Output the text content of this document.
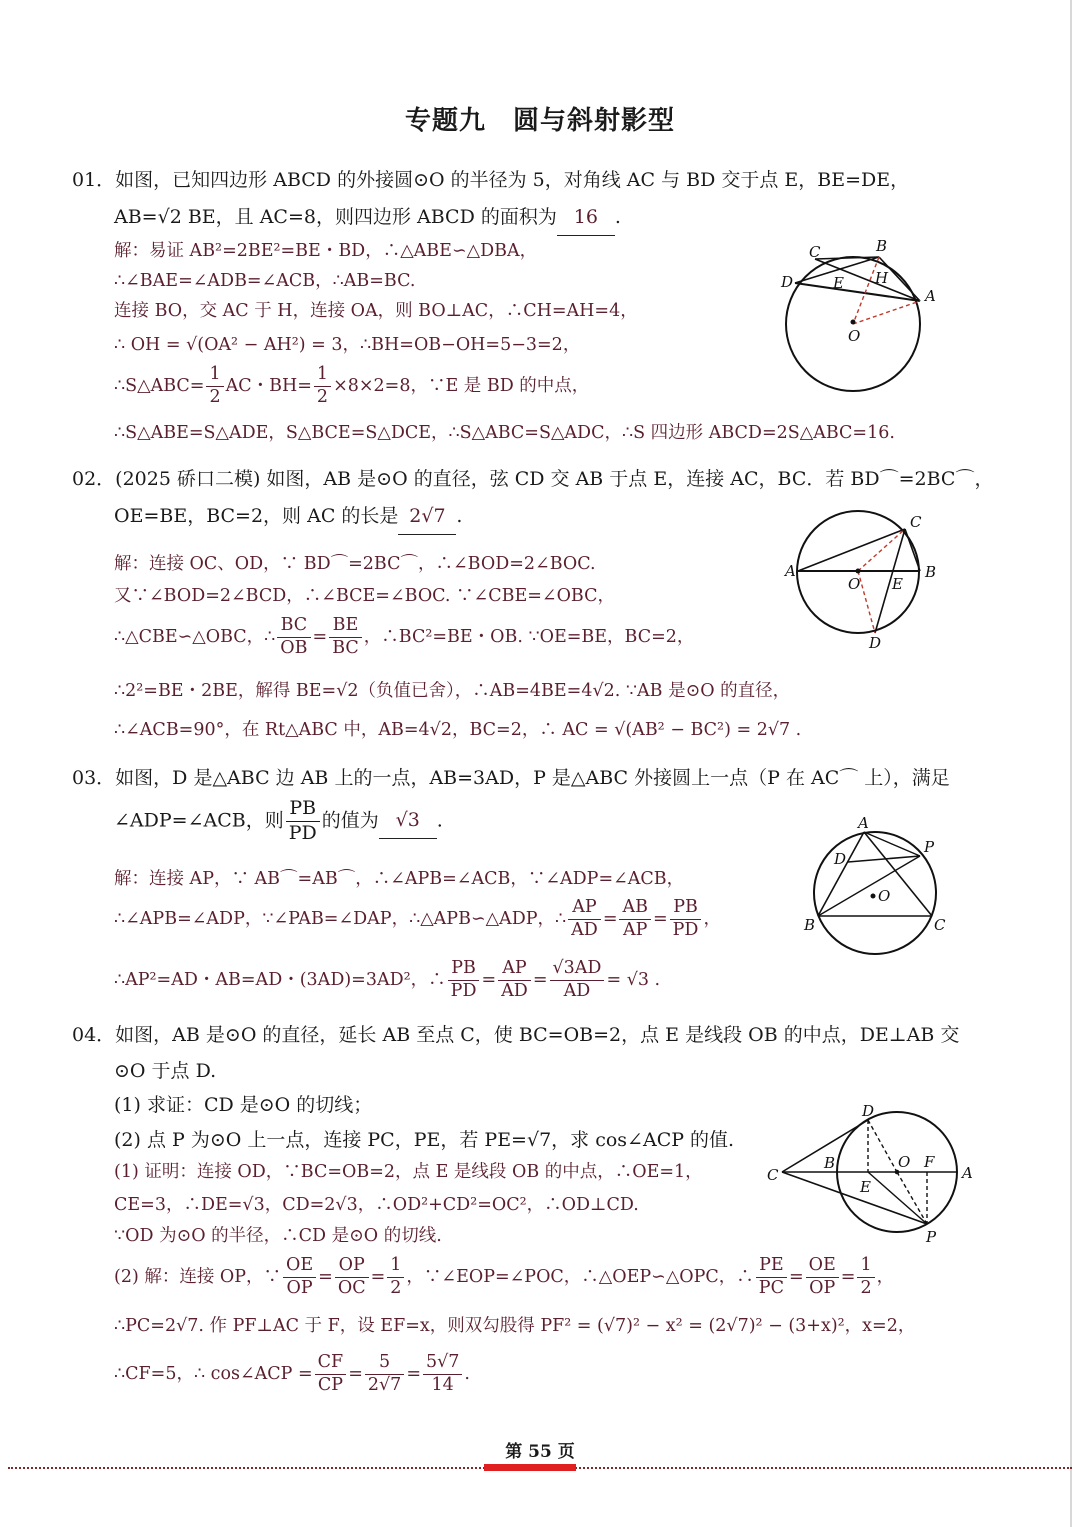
专题九　圆与斜射影型
01．如图，已知四边形 ABCD 的外接圆⊙O 的半径为 5，对角线 AC 与 BD 交于点 E，BE=DE，
AB=√2 BE，且 AC=8，则四边形 ABCD 的面积为 16 .
解：易证 AB²=2BE²=BE・BD，∴△ABE∽△DBA，
∴∠BAE=∠ADB=∠ACB，∴AB=BC.
连接 BO，交 AC 于 H，连接 OA，则 BO⊥AC，∴CH=AH=4，
∴ OH = √(OA² − AH²) = 3，∴BH=OB−OH=5−3=2，
∴S△ABC= $\frac{1}{2}$ AC・$BH= \frac{1}{2} \times 8\times 2=8$，∵E 是 BD 的中点，
∴S△ABE=S△ADE，S△BCE=S△DCE，∴S△ABC=S△ADC，∴S 四边形 ABCD=2S△ABC=16.
C	B
D	E H
A
O
02．(2025 硚口二模) 如图，AB 是⊙O 的直径，弦 CD 交 AB 于点 E，连接 AC，BC．若 BD⌒=2BC⌒，
OE=BE，BC=2，则 AC 的长是 2√7 .
解：连接 OC、OD，∵ BD⌒=2BC⌒，∴∠BOD=2∠BOC.
又∵∠BOD=2∠BCD，∴∠BCE=∠BOC. ∵∠CBE=∠OBC，
∴△CBE∽△OBC，∴ $\frac{BC}{OB} = \frac{BE}{BC}$ ，∴BC²=BE・OB. ∵OE=BE，BC=2，
∴2²=BE・2BE，解得 BE=√2（负值已舍），∴AB=4BE=4√2. ∵AB 是⊙O 的直径，
∴∠ACB=90°，在 Rt△ABC 中，AB=4√2，BC=2，∴ AC = √(AB² − BC²) = 2√7 .
C
A
O E
B
D
03．如图，D 是△ABC 边 AB 上的一点，AB=3AD，P 是△ABC 外接圆上一点（P 在 AC⌒ 上），满足
∠ADP=∠ACB，则 $\frac{PB}{PD}$ 的值为 √3 .
解：连接 AP，∵ AB⌒=AB⌒，∴∠APB=∠ACB，∵∠ADP=∠ACB，
∴∠APB=∠ADP，∵∠PAB=∠DAP，∴△APB∽△ADP，∴ $\frac{AP}{AD} = \frac{AB}{AP} = \frac{PB}{PD}$ ，
∴AP²=AD・AB=AD・(3AD)=3AD²，∴ $\frac{PB}{PD} = \frac{AP}{AD} = \frac{√3AD}{AD} = √3$ .
A
P
D
O
B	C
04．如图，AB 是⊙O 的直径，延长 AB 至点 C，使 BC=OB=2，点 E 是线段 OB 的中点，DE⊥AB 交
⊙O 于点 D.
(1) 求证：CD 是⊙O 的切线；
(2) 点 P 为⊙O 上一点，连接 PC，PE，若 PE=√7，求 cos∠ACP 的值.
(1) 证明：连接 OD，∵BC=OB=2，点 E 是线段 OB 的中点，∴OE=1，
CE=3，∴DE=√3，CD=2√3，∴OD²+CD²=OC²，∴OD⊥CD.
∵OD 为⊙O 的半径，∴CD 是⊙O 的切线.
(2) 解：连接 OP，∵ $\frac{OE}{OP} = \frac{OP}{OC} = \frac{1}{2}$ ，∵∠EOP=∠POC，∴△OEP∽△OPC，∴ $\frac{PE}{PC} = \frac{OE}{OP} = \frac{1}{2}$ ，
∴PC=2√7. 作 PF⊥AC 于 F，设 EF=x，则双勾股得 PF² = (√7)² − x² = (2√7)² − (3+x)²，x=2，
∴CF=5，∴ cos∠ACP = $\frac{CF}{CP} = \frac{5}{2√7} = \frac{5√7}{14}$ .
D
C
B	O F
A
E
P
第 55 页
